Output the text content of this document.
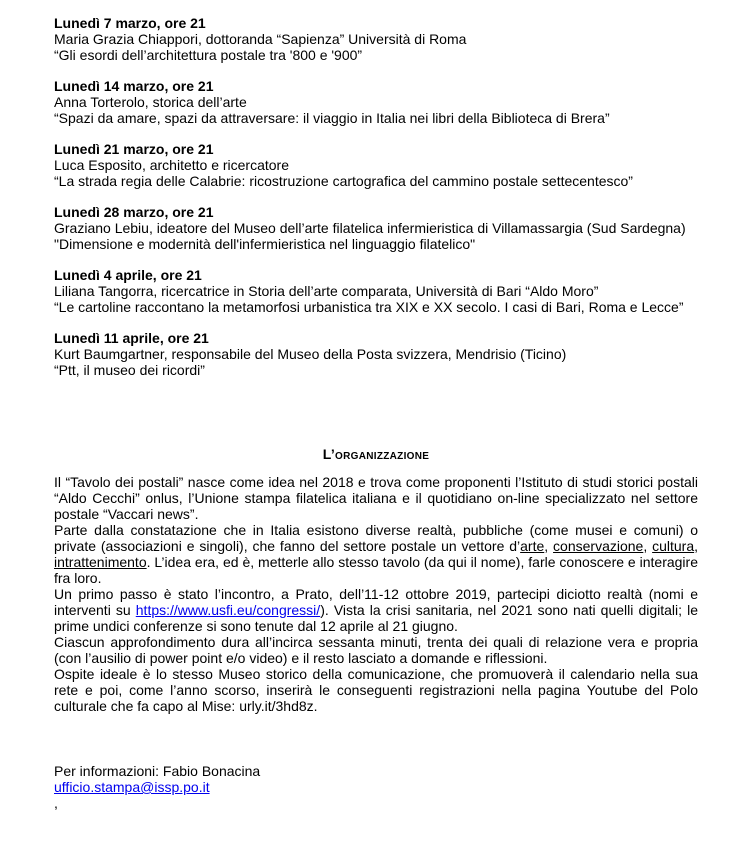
Lunedì 7 marzo, ore 21
Maria Grazia Chiappori, dottoranda “Sapienza” Università di Roma
“Gli esordi dell’architettura postale tra '800 e '900”
Lunedì 14 marzo, ore 21
Anna Torterolo, storica dell’arte
“Spazi da amare, spazi da attraversare: il viaggio in Italia nei libri della Biblioteca di Brera”
Lunedì 21 marzo, ore 21
Luca Esposito, architetto e ricercatore
“La strada regia delle Calabrie: ricostruzione cartografica del cammino postale settecentesco”
Lunedì 28 marzo, ore 21
Graziano Lebiu, ideatore del Museo dell’arte filatelica infermieristica di Villamassargia (Sud Sardegna)
"Dimensione e modernità dell'infermieristica nel linguaggio filatelico"
Lunedì 4 aprile, ore 21
Liliana Tangorra, ricercatrice in Storia dell’arte comparata, Università di Bari “Aldo Moro”
“Le cartoline raccontano la metamorfosi urbanistica tra XIX e XX secolo. I casi di Bari, Roma e Lecce”
Lunedì 11 aprile, ore 21
Kurt Baumgartner, responsabile del Museo della Posta svizzera, Mendrisio (Ticino)
“Ptt, il museo dei ricordi”
L’organizzazione

Il “Tavolo dei postali” nasce come idea nel 2018 e trova come proponenti l’Istituto di studi storici postali “Aldo Cecchi” onlus, l’Unione stampa filatelica italiana e il quotidiano on-line specializzato nel settore postale “Vaccari news”.

Parte dalla constatazione che in Italia esistono diverse realtà, pubbliche (come musei e comuni) o private (associazioni e singoli), che fanno del settore postale un vettore d’arte, conservazione, cultura, intrattenimento. L’idea era, ed è, metterle allo stesso tavolo (da qui il nome), farle conoscere e interagire fra loro.

Un primo passo è stato l’incontro, a Prato, dell’11-12 ottobre 2019, partecipi diciotto realtà (nomi e interventi su https://www.usfi.eu/congressi/). Vista la crisi sanitaria, nel 2021 sono nati quelli digitali; le prime undici conferenze si sono tenute dal 12 aprile al 21 giugno.

Ciascun approfondimento dura all’incirca sessanta minuti, trenta dei quali di relazione vera e propria (con l’ausilio di power point e/o video) e il resto lasciato a domande e riflessioni.

Ospite ideale è lo stesso Museo storico della comunicazione, che promuoverà il calendario nella sua rete e poi, come l’anno scorso, inserirà le conseguenti registrazioni nella pagina Youtube del Polo culturale che fa capo al Mise: urly.it/3hd8z.

Per informazioni: Fabio Bonacina
ufficio.stampa@issp.po.it
,
